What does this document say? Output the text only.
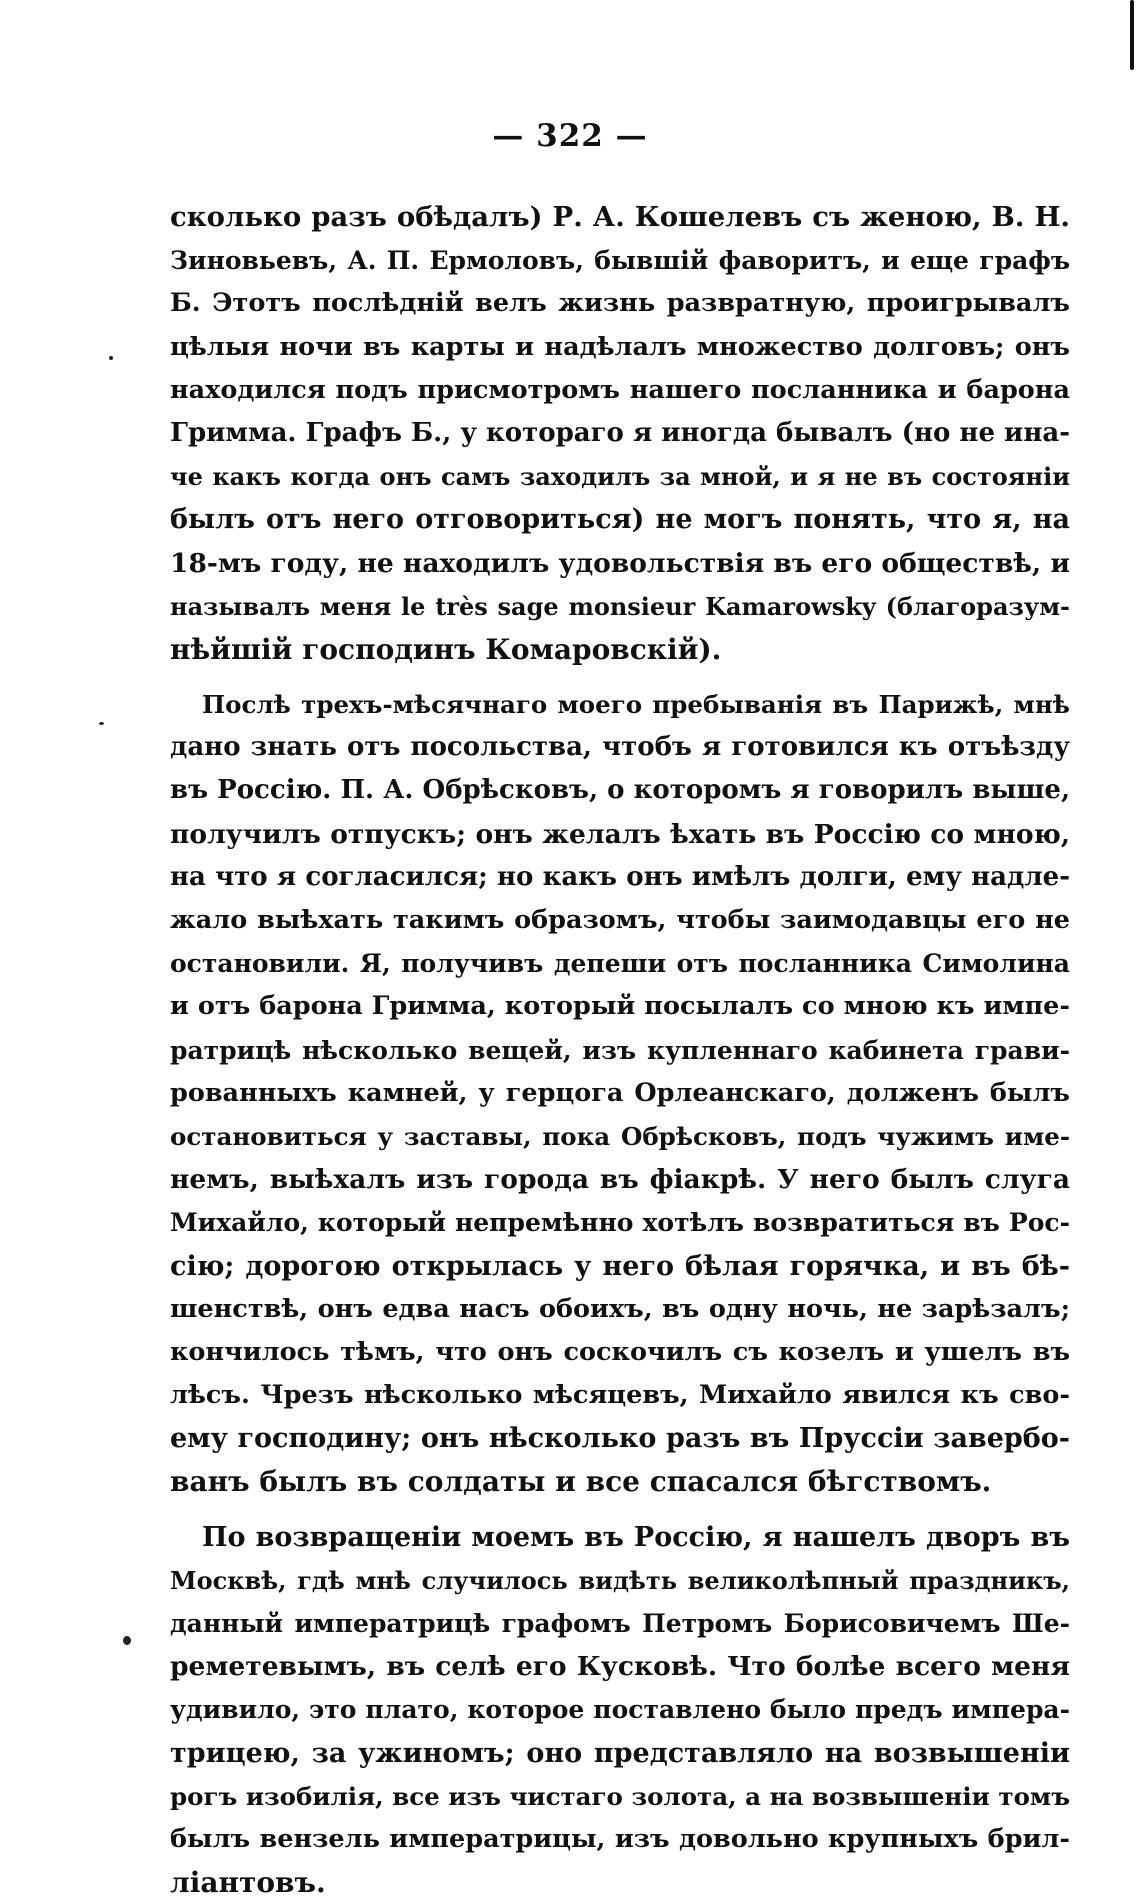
— 322 —
сколько разъ обѣдалъ) Р. А. Кошелевъ съ женою, В. Н.
Зиновьевъ, А. П. Ермоловъ, бывшій фаворитъ, и еще графъ
Б. Этотъ послѣдній велъ жизнь развратную, проигрывалъ
цѣлыя ночи въ карты и надѣлалъ множество долговъ; онъ
находился подъ присмотромъ нашего посланника и барона
Гримма. Графъ Б., у котораго я иногда бывалъ (но не ина-
че какъ когда онъ самъ заходилъ за мной, и я не въ состояніи
былъ отъ него отговориться) не могъ понять, что я, на
18-мъ году, не находилъ удовольствія въ его обществѣ, и
называлъ меня le très sage monsieur Kamarowsky (благоразум-
нѣйшій господинъ Комаровскій).
Послѣ трехъ-мѣсячнаго моего пребыванія въ Парижѣ, мнѣ
дано знать отъ посольства, чтобъ я готовился къ отъѣзду
въ Россію. П. А. Обрѣсковъ, о которомъ я говорилъ выше,
получилъ отпускъ; онъ желалъ ѣхать въ Россію со мною,
на что я согласился; но какъ онъ имѣлъ долги, ему надле-
жало выѣхать такимъ образомъ, чтобы заимодавцы его не
остановили. Я, получивъ депеши отъ посланника Симолина
и отъ барона Гримма, который посылалъ со мною къ импе-
ратрицѣ нѣсколько вещей, изъ купленнаго кабинета грави-
рованныхъ камней, у герцога Орлеанскаго, долженъ былъ
остановиться у заставы, пока Обрѣсковъ, подъ чужимъ име-
немъ, выѣхалъ изъ города въ фіакрѣ. У него былъ слуга
Михайло, который непремѣнно хотѣлъ возвратиться въ Рос-
сію; дорогою открылась у него бѣлая горячка, и въ бѣ-
шенствѣ, онъ едва насъ обоихъ, въ одну ночь, не зарѣзалъ;
кончилось тѣмъ, что онъ соскочилъ съ козелъ и ушелъ въ
лѣсъ. Чрезъ нѣсколько мѣсяцевъ, Михайло явился къ сво-
ему господину; онъ нѣсколько разъ въ Пруссіи завербо-
ванъ былъ въ солдаты и все спасался бѣгствомъ.
По возвращеніи моемъ въ Россію, я нашелъ дворъ въ
Москвѣ, гдѣ мнѣ случилось видѣть великолѣпный праздникъ,
данный императрицѣ графомъ Петромъ Борисовичемъ Ше-
реметевымъ, въ селѣ его Кусковѣ. Что болѣе всего меня
удивило, это плато, которое поставлено было предъ импера-
трицею, за ужиномъ; оно представляло на возвышеніи
рогъ изобилія, все изъ чистаго золота, а на возвышеніи томъ
былъ вензель императрицы, изъ довольно крупныхъ брил-
ліантовъ.
